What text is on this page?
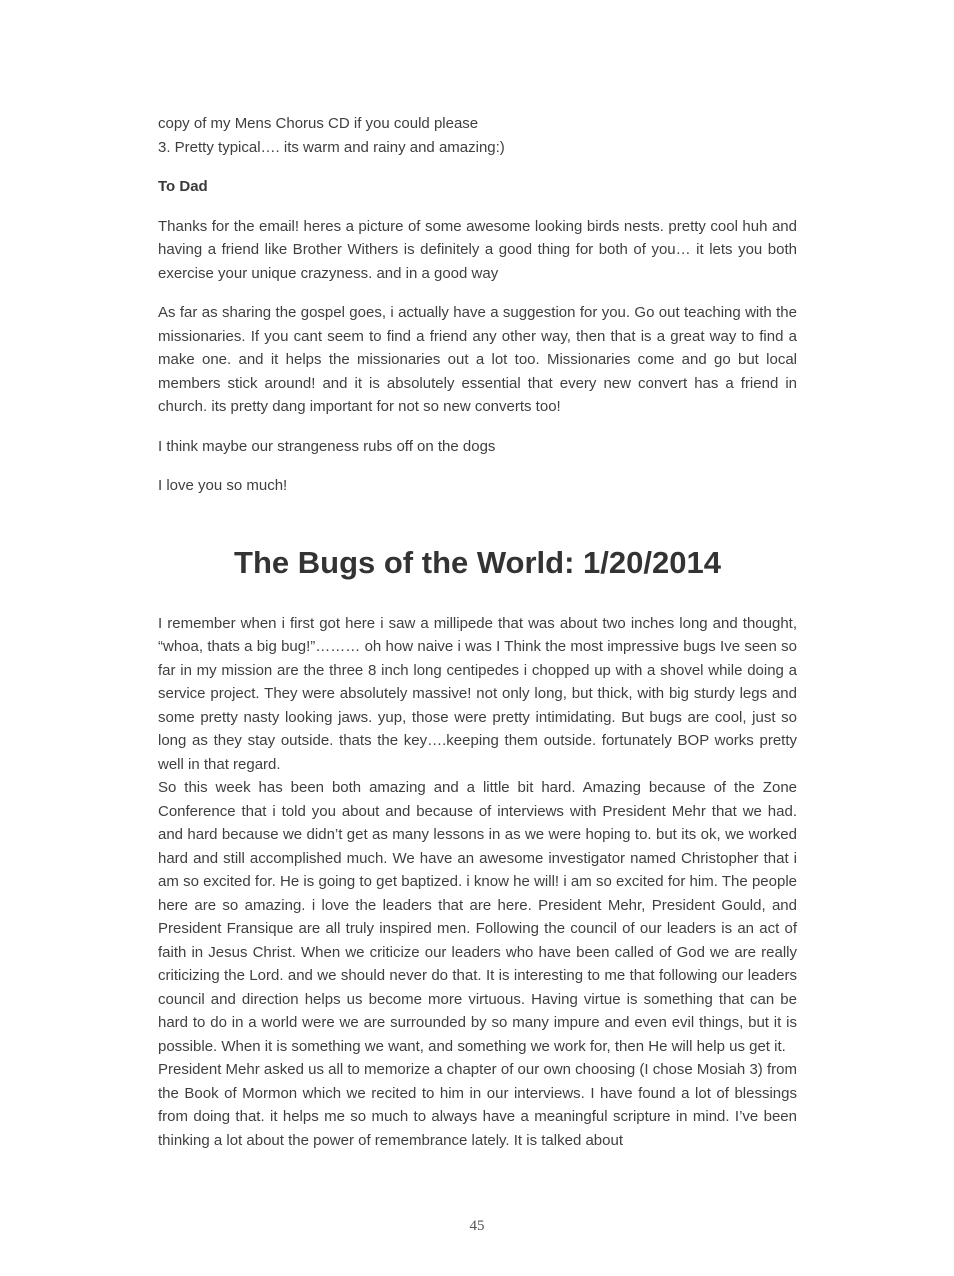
copy of my Mens Chorus CD if you could please

3. Pretty typical…. its warm and rainy and amazing:)

To Dad

Thanks for the email! heres a picture of some awesome looking birds nests. pretty cool huh and having a friend like Brother Withers is definitely a good thing for both of you… it lets you both exercise your unique crazyness. and in a good way

As far as sharing the gospel goes, i actually have a suggestion for you. Go out teaching with the missionaries. If you cant seem to find a friend any other way, then that is a great way to find a make one. and it helps the missionaries out a lot too. Missionaries come and go but local members stick around! and it is absolutely essential that every new convert has a friend in church. its pretty dang important for not so new converts too!

I think maybe our strangeness rubs off on the dogs

I love you so much!

The Bugs of the World: 1/20/2014

I remember when i first got here i saw a millipede that was about two inches long and thought, “whoa, thats a big bug!”……… oh how naive i was I Think the most impressive bugs Ive seen so far in my mission are the three 8 inch long centipedes i chopped up with a shovel while doing a service project. They were absolutely massive! not only long, but thick, with big sturdy legs and some pretty nasty looking jaws. yup, those were pretty intimidating. But bugs are cool, just so long as they stay outside. thats the key….keeping them outside. fortunately BOP works pretty well in that regard.

So this week has been both amazing and a little bit hard. Amazing because of the Zone Conference that i told you about and because of interviews with President Mehr that we had. and hard because we didn’t get as many lessons in as we were hoping to. but its ok, we worked hard and still accomplished much. We have an awesome investigator named Christopher that i am so excited for. He is going to get baptized. i know he will! i am so excited for him. The people here are so amazing. i love the leaders that are here. President Mehr, President Gould, and President Fransique are all truly inspired men. Following the council of our leaders is an act of faith in Jesus Christ. When we criticize our leaders who have been called of God we are really criticizing the Lord. and we should never do that. It is interesting to me that following our leaders council and direction helps us become more virtuous. Having virtue is something that can be hard to do in a world were we are surrounded by so many impure and even evil things, but it is possible. When it is something we want, and something we work for, then He will help us get it.

President Mehr asked us all to memorize a chapter of our own choosing (I chose Mosiah 3) from the Book of Mormon which we recited to him in our interviews. I have found a lot of blessings from doing that. it helps me so much to always have a meaningful scripture in mind. I’ve been thinking a lot about the power of remembrance lately. It is talked about

45
